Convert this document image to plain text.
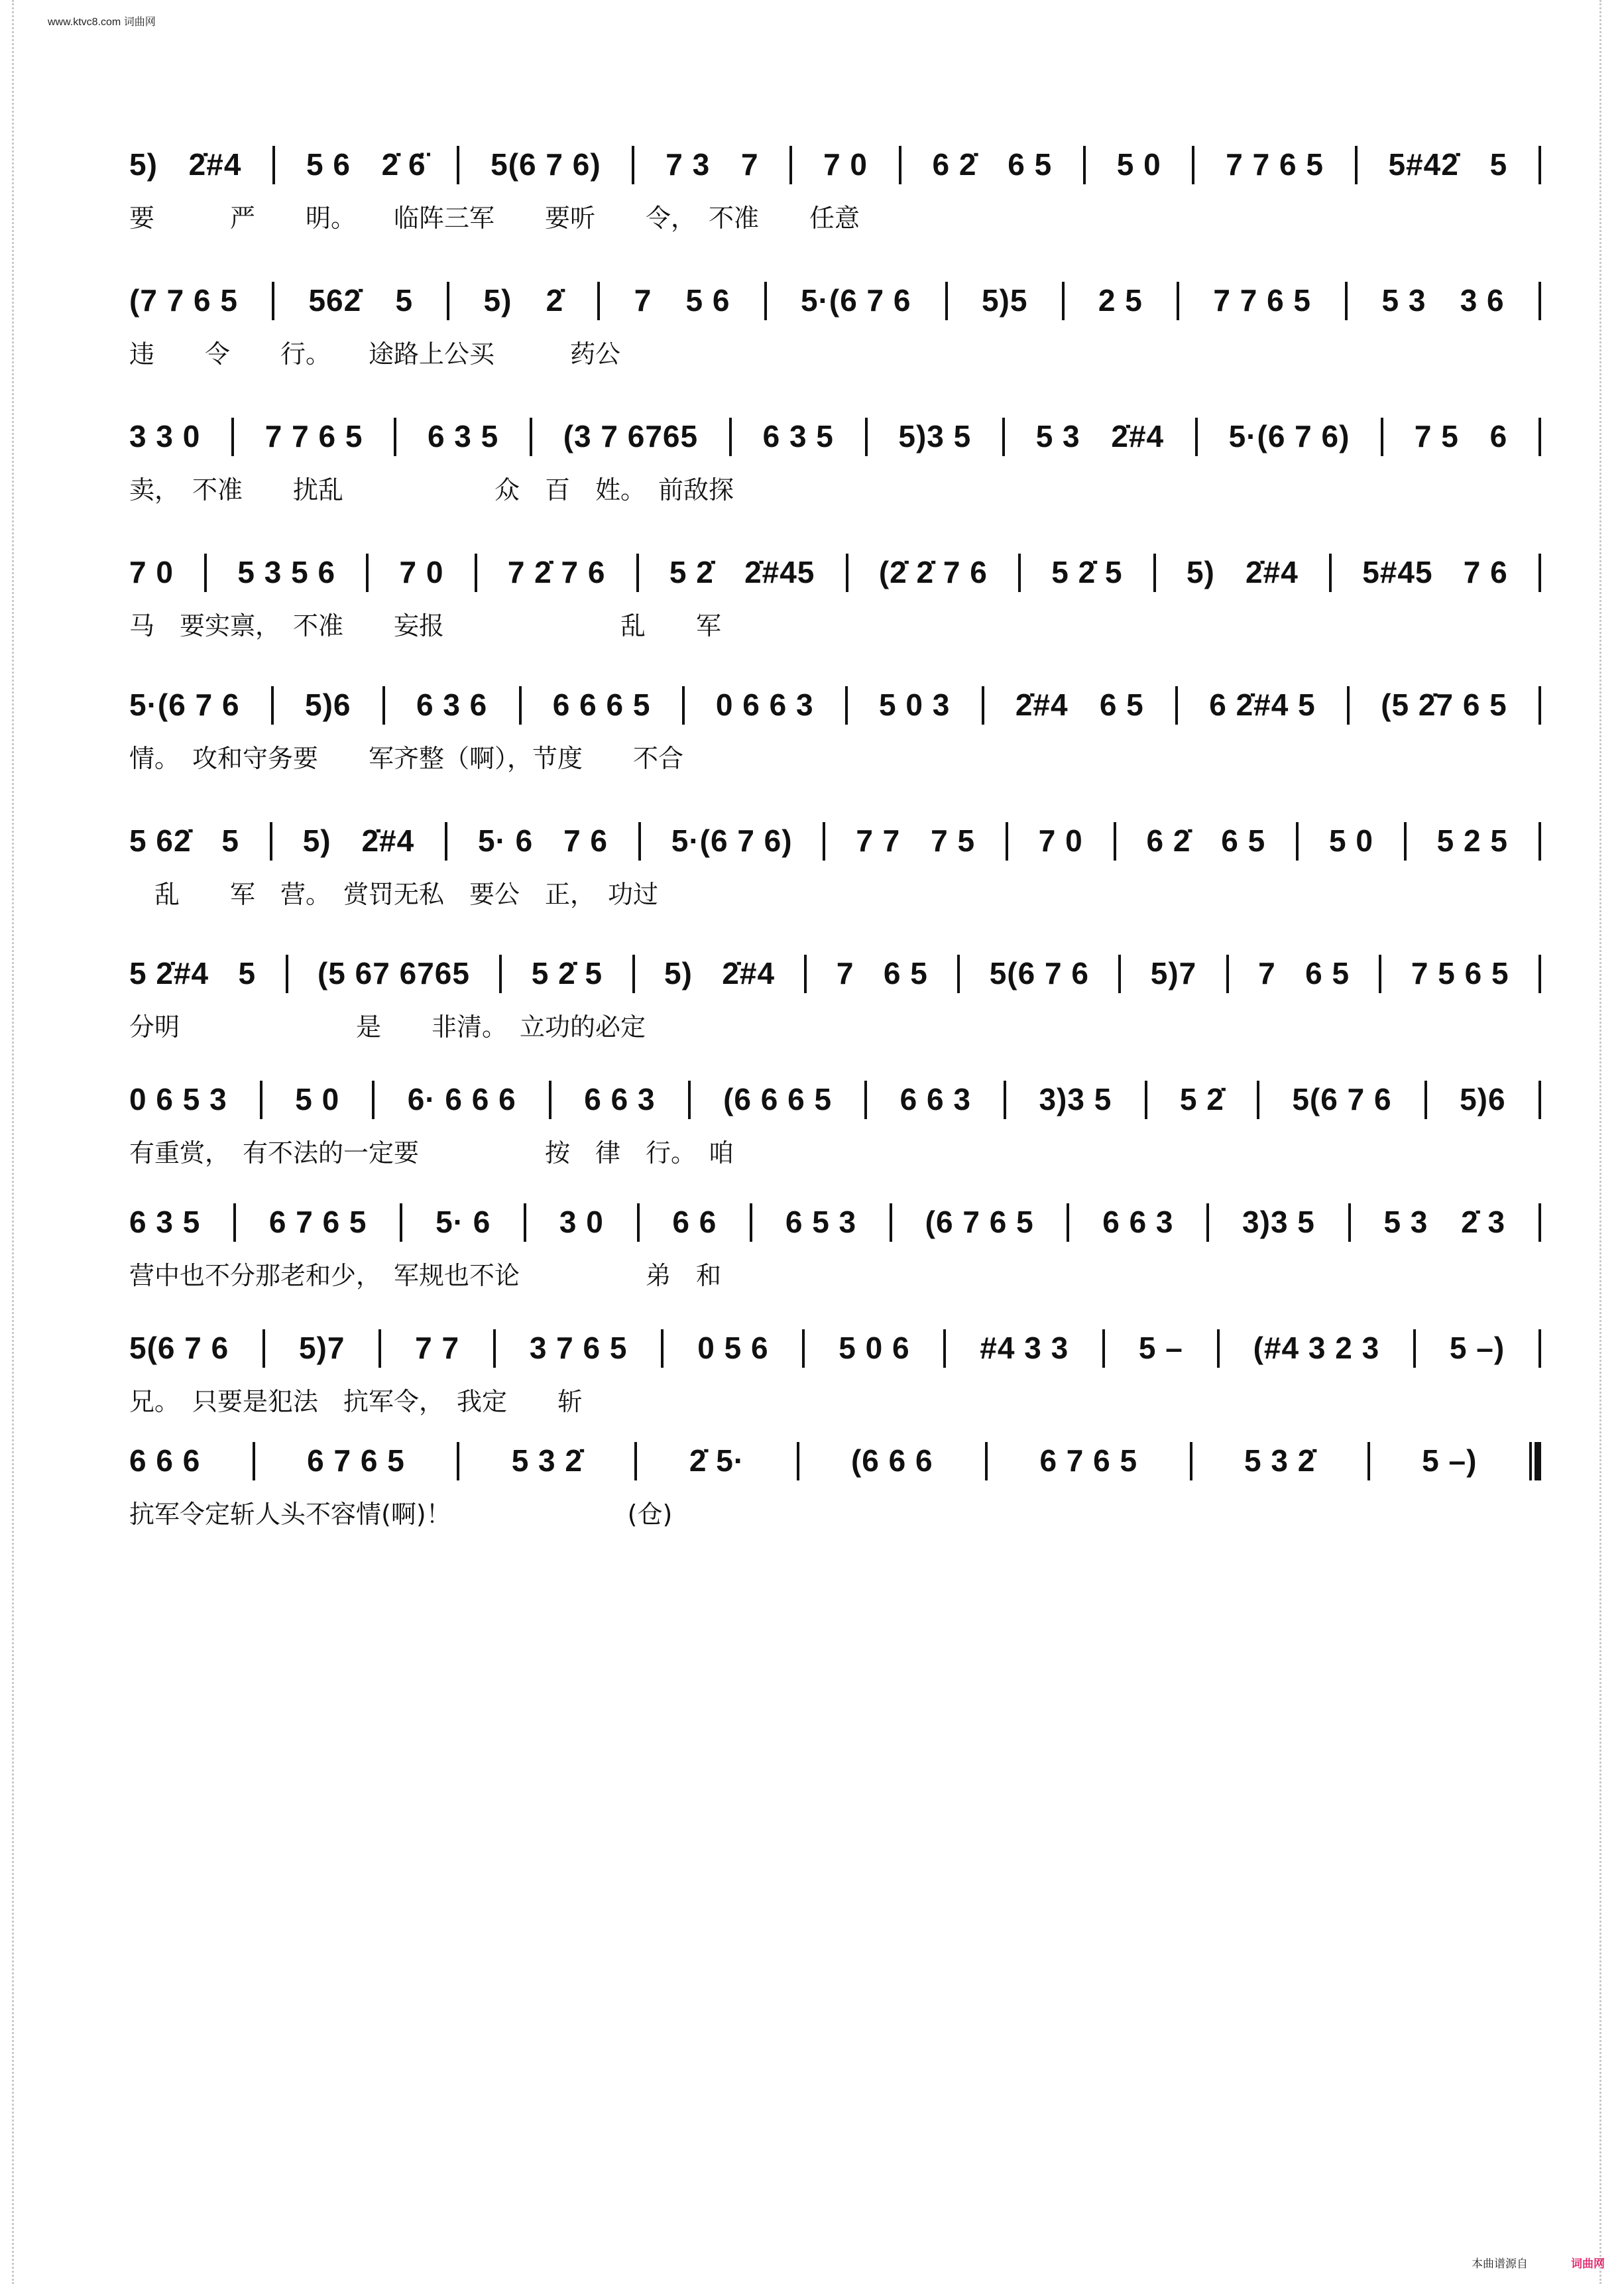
www.ktvc8.com 词曲网
5) 2̇#4 5 6 2̇ 6̈ 5(6 7 6) 7 3 7 7 0 6 2̇ 6 5 5 0 7 7 6 5 5#42̇ 5
要　　　严　　明。　　临阵三军　　要听　　令，　不准　　任意
(7 7 6 5 562̇ 5 5) 2̇ 7 5 6 5·(6 7 6 5)5 2 5 7 7 6 5 5 3 3 6
违　　令　　行。　　途路上公买　　　药公
3 3 0 7 7 6 5 6 3 5 (3 7 6765 6 3 5 5)3 5 5 3 2̇#4 5·(6 7 6) 7 5 6
卖，　不准　　扰乱　　　　　　众　百　姓。　前敌探
7 0 5 3 5 6 7 0 7 2̇ 7 6 5 2̇ 2̇#45 (2̇ 2̇ 7 6 5 2̇ 5 5) 2̇#4 5#45 7 6
马　要实禀，　不准　　妄报　　　　　　　乱　　军
5·(6 7 6 5)6 6 3 6 6 6 6 5 0 6 6 3 5 0 3 2̇#4 6 5 6 2̇#4 5 (5 2̇7 6 5
情。　攻和守务要　　军齐整（啊），节度　　不合
5 62̇ 5 5) 2̇#4 5· 6 7 6 5·(6 7 6) 7 7 7 5 7 0 6 2̇ 6 5 5 0 5 2 5
　乱　　军　营。　赏罚无私　要公　正，　功过
5 2̇#4 5 (5 67 6765 5 2̇ 5 5) 2̇#4 7 6 5 5(6 7 6 5)7 7 6 5 7 5 6 5
分明　　　　　　　是　　非清。　立功的必定
0 6 5 3 5 0 6· 6 6 6 6 6 3 (6 6 6 5 6 6 3 3)3 5 5 2̇ 5(6 7 6 5)6
有重赏，　有不法的一定要　　　　　按　律　行。　咱
6 3 5 6 7 6 5 5· 6 3 0 6 6 6 5 3 (6 7 6 5 6 6 3 3)3 5 5 3 2̇ 3
营中也不分那老和少，　军规也不论　　　　　弟　和
5(6 7 6 5)7 7 7 3 7 6 5 0 5 6 5 0 6 #4 3 3 5 – (#4 3 2 3 5 –)
兄。　只要是犯法　抗军令，　我定　　斩
6 6 6	6 7 6 5	5 3 2̇	2̇ 5·	(6 6 6	6 7 6 5	5 3 2̇	5 –)
抗军令定斩人头不容情(啊)！　　　　　　　(仓)
本曲谱源自	词曲网
